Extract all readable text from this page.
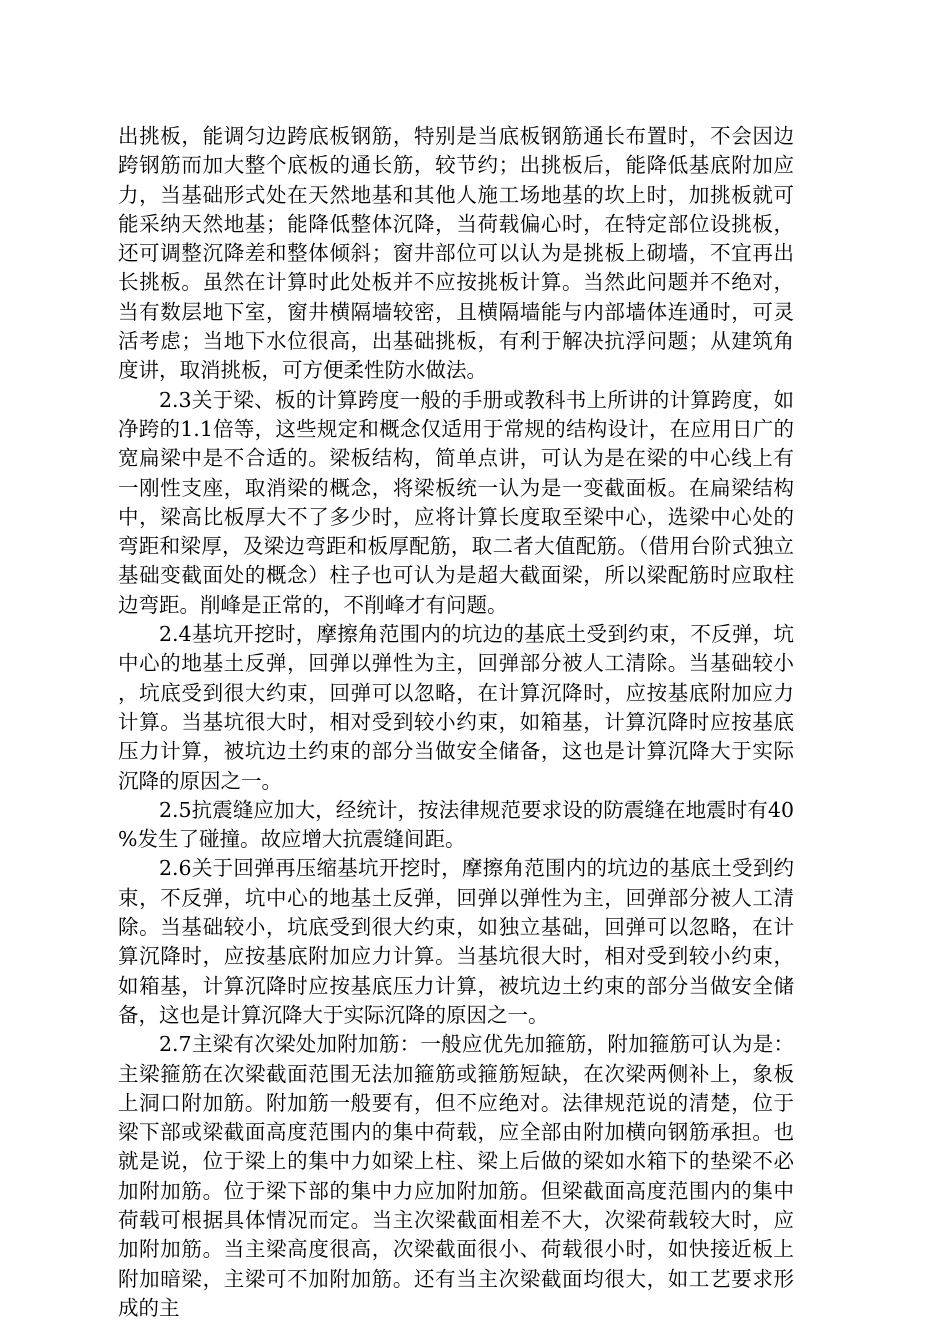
出挑板，能调匀边跨底板钢筋，特别是当底板钢筋通长布置时，不会因边跨钢筋而加大整个底板的通长筋，较节约；出挑板后，能降低基底附加应力，当基础形式处在天然地基和其他人施工场地基的坎上时，加挑板就可能采纳天然地基；能降低整体沉降，当荷载偏心时，在特定部位设挑板，还可调整沉降差和整体倾斜；窗井部位可以认为是挑板上砌墙，不宜再出长挑板。虽然在计算时此处板并不应按挑板计算。当然此问题并不绝对，当有数层地下室，窗井横隔墙较密，且横隔墙能与内部墙体连通时，可灵活考虑；当地下水位很高，出基础挑板，有利于解决抗浮问题；从建筑角度讲，取消挑板，可方便柔性防水做法。

2.3关于梁、板的计算跨度一般的手册或教科书上所讲的计算跨度，如净跨的1.1倍等，这些规定和概念仅适用于常规的结构设计，在应用日广的宽扁梁中是不合适的。梁板结构，简单点讲，可认为是在梁的中心线上有一刚性支座，取消梁的概念，将梁板统一认为是一变截面板。在扁梁结构中，梁高比板厚大不了多少时，应将计算长度取至梁中心，选梁中心处的弯距和梁厚，及梁边弯距和板厚配筋，取二者大值配筋。（借用台阶式独立基础变截面处的概念）柱子也可认为是超大截面梁，所以梁配筋时应取柱边弯距。削峰是正常的，不削峰才有问题。

2.4基坑开挖时，摩擦角范围内的坑边的基底土受到约束，不反弹，坑中心的地基土反弹，回弹以弹性为主，回弹部分被人工清除。当基础较小，坑底受到很大约束，回弹可以忽略，在计算沉降时，应按基底附加应力计算。当基坑很大时，相对受到较小约束，如箱基，计算沉降时应按基底压力计算，被坑边土约束的部分当做安全储备，这也是计算沉降大于实际沉降的原因之一。

2.5抗震缝应加大，经统计，按法律规范要求设的防震缝在地震时有40%发生了碰撞。故应增大抗震缝间距。

2.6关于回弹再压缩基坑开挖时，摩擦角范围内的坑边的基底土受到约束，不反弹，坑中心的地基土反弹，回弹以弹性为主，回弹部分被人工清除。当基础较小，坑底受到很大约束，如独立基础，回弹可以忽略，在计算沉降时，应按基底附加应力计算。当基坑很大时，相对受到较小约束，如箱基，计算沉降时应按基底压力计算，被坑边土约束的部分当做安全储备，这也是计算沉降大于实际沉降的原因之一。

2.7主梁有次梁处加附加筋：一般应优先加箍筋，附加箍筋可认为是：主梁箍筋在次梁截面范围无法加箍筋或箍筋短缺，在次梁两侧补上，象板上洞口附加筋。附加筋一般要有，但不应绝对。法律规范说的清楚，位于梁下部或梁截面高度范围内的集中荷载，应全部由附加横向钢筋承担。也就是说，位于梁上的集中力如梁上柱、梁上后做的梁如水箱下的垫梁不必加附加筋。位于梁下部的集中力应加附加筋。但梁截面高度范围内的集中荷载可根据具体情况而定。当主次梁截面相差不大，次梁荷载较大时，应加附加筋。当主梁高度很高，次梁截面很小、荷载很小时，如快接近板上附加暗梁，主梁可不加附加筋。还有当主次梁截面均很大，如工艺要求形成的主
